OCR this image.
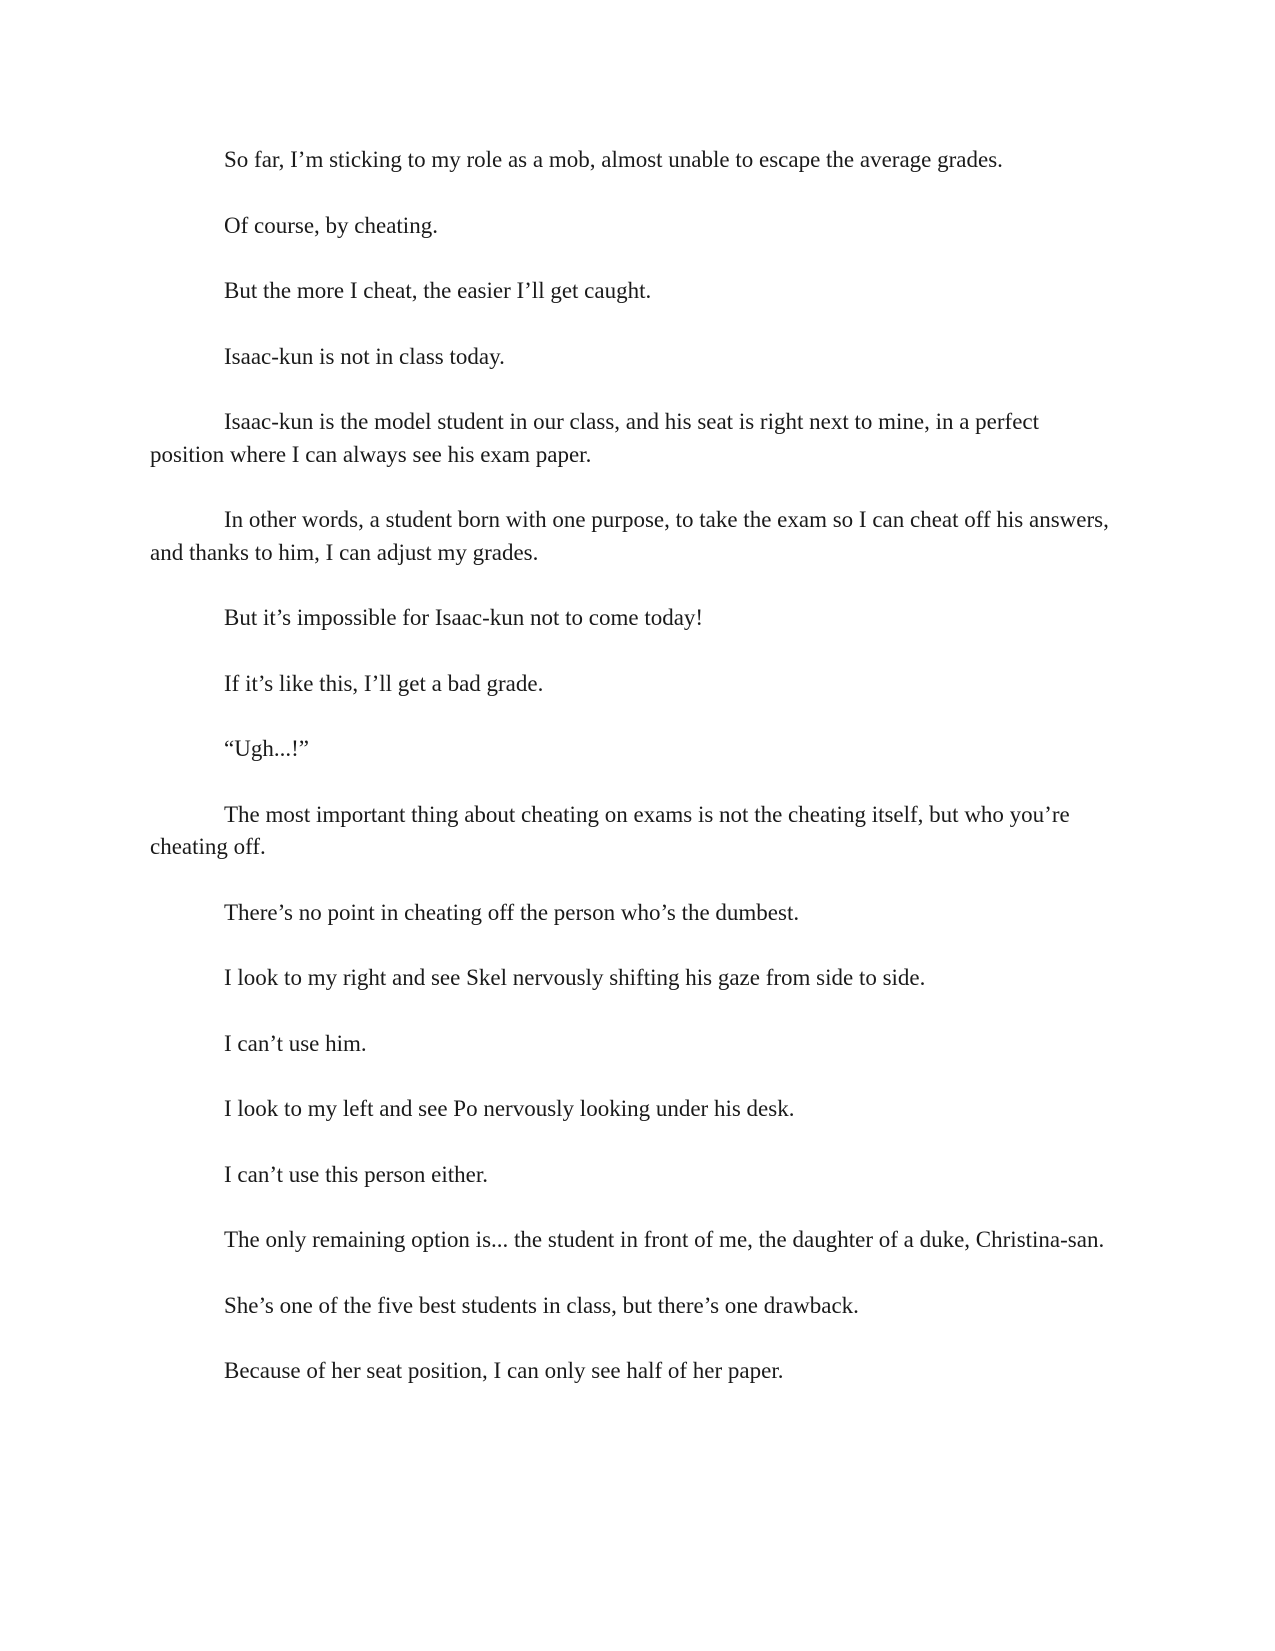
So far, I’m sticking to my role as a mob, almost unable to escape the average grades.

Of course, by cheating.

But the more I cheat, the easier I’ll get caught.

Isaac-kun is not in class today.

Isaac-kun is the model student in our class, and his seat is right next to mine, in a perfect position where I can always see his exam paper.

In other words, a student born with one purpose, to take the exam so I can cheat off his answers, and thanks to him, I can adjust my grades.

But it’s impossible for Isaac-kun not to come today!

If it’s like this, I’ll get a bad grade.

“Ugh...!”

The most important thing about cheating on exams is not the cheating itself, but who you’re cheating off.

There’s no point in cheating off the person who’s the dumbest.

I look to my right and see Skel nervously shifting his gaze from side to side.

I can’t use him.

I look to my left and see Po nervously looking under his desk.

I can’t use this person either.

The only remaining option is... the student in front of me, the daughter of a duke, Christina-san.

She’s one of the five best students in class, but there’s one drawback.

Because of her seat position, I can only see half of her paper.
